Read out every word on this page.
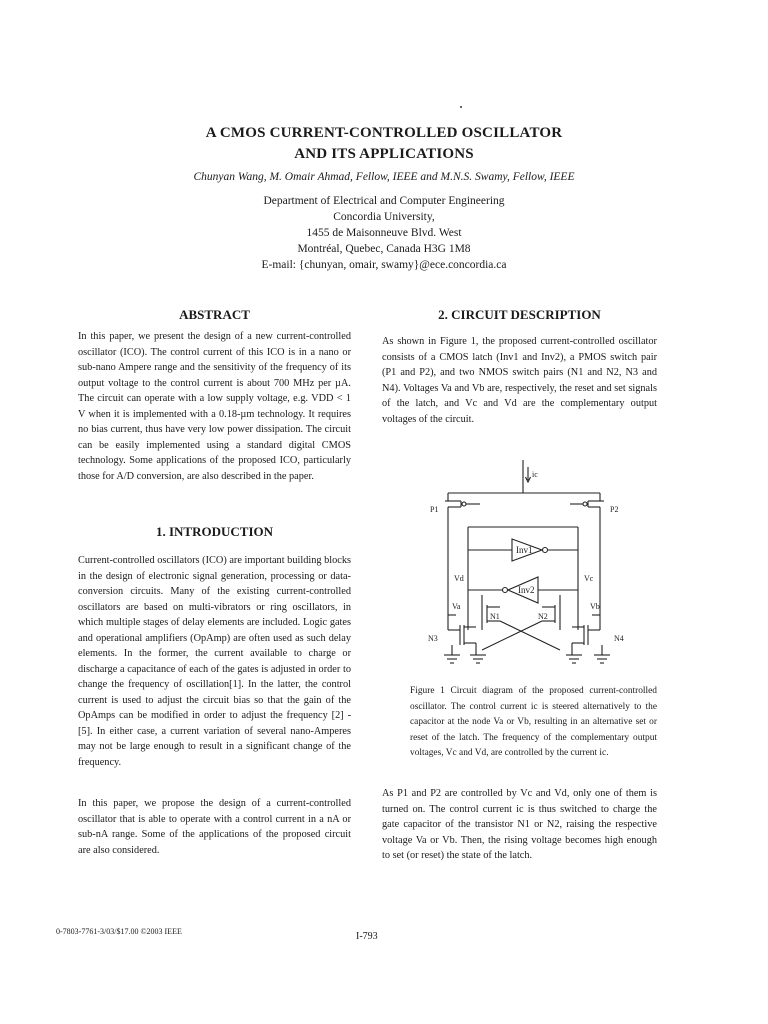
A CMOS CURRENT-CONTROLLED OSCILLATOR
AND ITS APPLICATIONS
Chunyan Wang, M. Omair Ahmad, Fellow, IEEE and M.N.S. Swamy, Fellow, IEEE
Department of Electrical and Computer Engineering
Concordia University,
1455 de Maisonneuve Blvd. West
Montréal, Quebec, Canada H3G 1M8
E-mail: {chunyan, omair, swamy}@ece.concordia.ca
ABSTRACT

In this paper, we present the design of a new current-controlled oscillator (ICO). The control current of this ICO is in a nano or sub-nano Ampere range and the sensitivity of the frequency of its output voltage to the control current is about 700 MHz per µA. The circuit can operate with a low supply voltage, e.g. VDD < 1 V when it is implemented with a 0.18-µm technology. It requires no bias current, thus have very low power dissipation. The circuit can be easily implemented using a standard digital CMOS technology. Some applications of the proposed ICO, particularly those for A/D conversion, are also described in the paper.

1. INTRODUCTION

Current-controlled oscillators (ICO) are important building blocks in the design of electronic signal generation, processing or data-conversion circuits. Many of the existing current-controlled oscillators are based on multi-vibrators or ring oscillators, in which multiple stages of delay elements are included. Logic gates and operational amplifiers (OpAmp) are often used as such delay elements. In the former, the current available to charge or discharge a capacitance of each of the gates is adjusted in order to change the frequency of oscillation[1]. In the latter, the control current is used to adjust the circuit bias so that the gain of the OpAmps can be modified in order to adjust the frequency [2] - [5]. In either case, a current variation of several nano-Amperes may not be large enough to result in a significant change of the frequency.

In this paper, we propose the design of a current-controlled oscillator that is able to operate with a control current in a nA or sub-nA range. Some of the applications of the proposed circuit are also considered.

2. CIRCUIT DESCRIPTION

As shown in Figure 1, the proposed current-controlled oscillator consists of a CMOS latch (Inv1 and Inv2), a PMOS switch pair (P1 and P2), and two NMOS switch pairs (N1 and N2, N3 and N4). Voltages Va and Vb are, respectively, the reset and set signals of the latch, and Vc and Vd are the complementary output voltages of the circuit.

ic
P1	P2
Inv1
Inv2
Vd	Vc
Va	Vb
N1	N2
N3	N4

Figure 1 Circuit diagram of the proposed current-controlled oscillator. The control current ic is steered alternatively to the capacitor at the node Va or Vb, resulting in an alternative set or reset of the latch. The frequency of the complementary output voltages, Vc and Vd, are controlled by the current ic.

As P1 and P2 are controlled by Vc and Vd, only one of them is turned on. The control current ic is thus switched to charge the gate capacitor of the transistor N1 or N2, raising the respective voltage Va or Vb. Then, the rising voltage becomes high enough to set (or reset) the state of the latch.

0-7803-7761-3/03/$17.00 ©2003 IEEE	I-793
